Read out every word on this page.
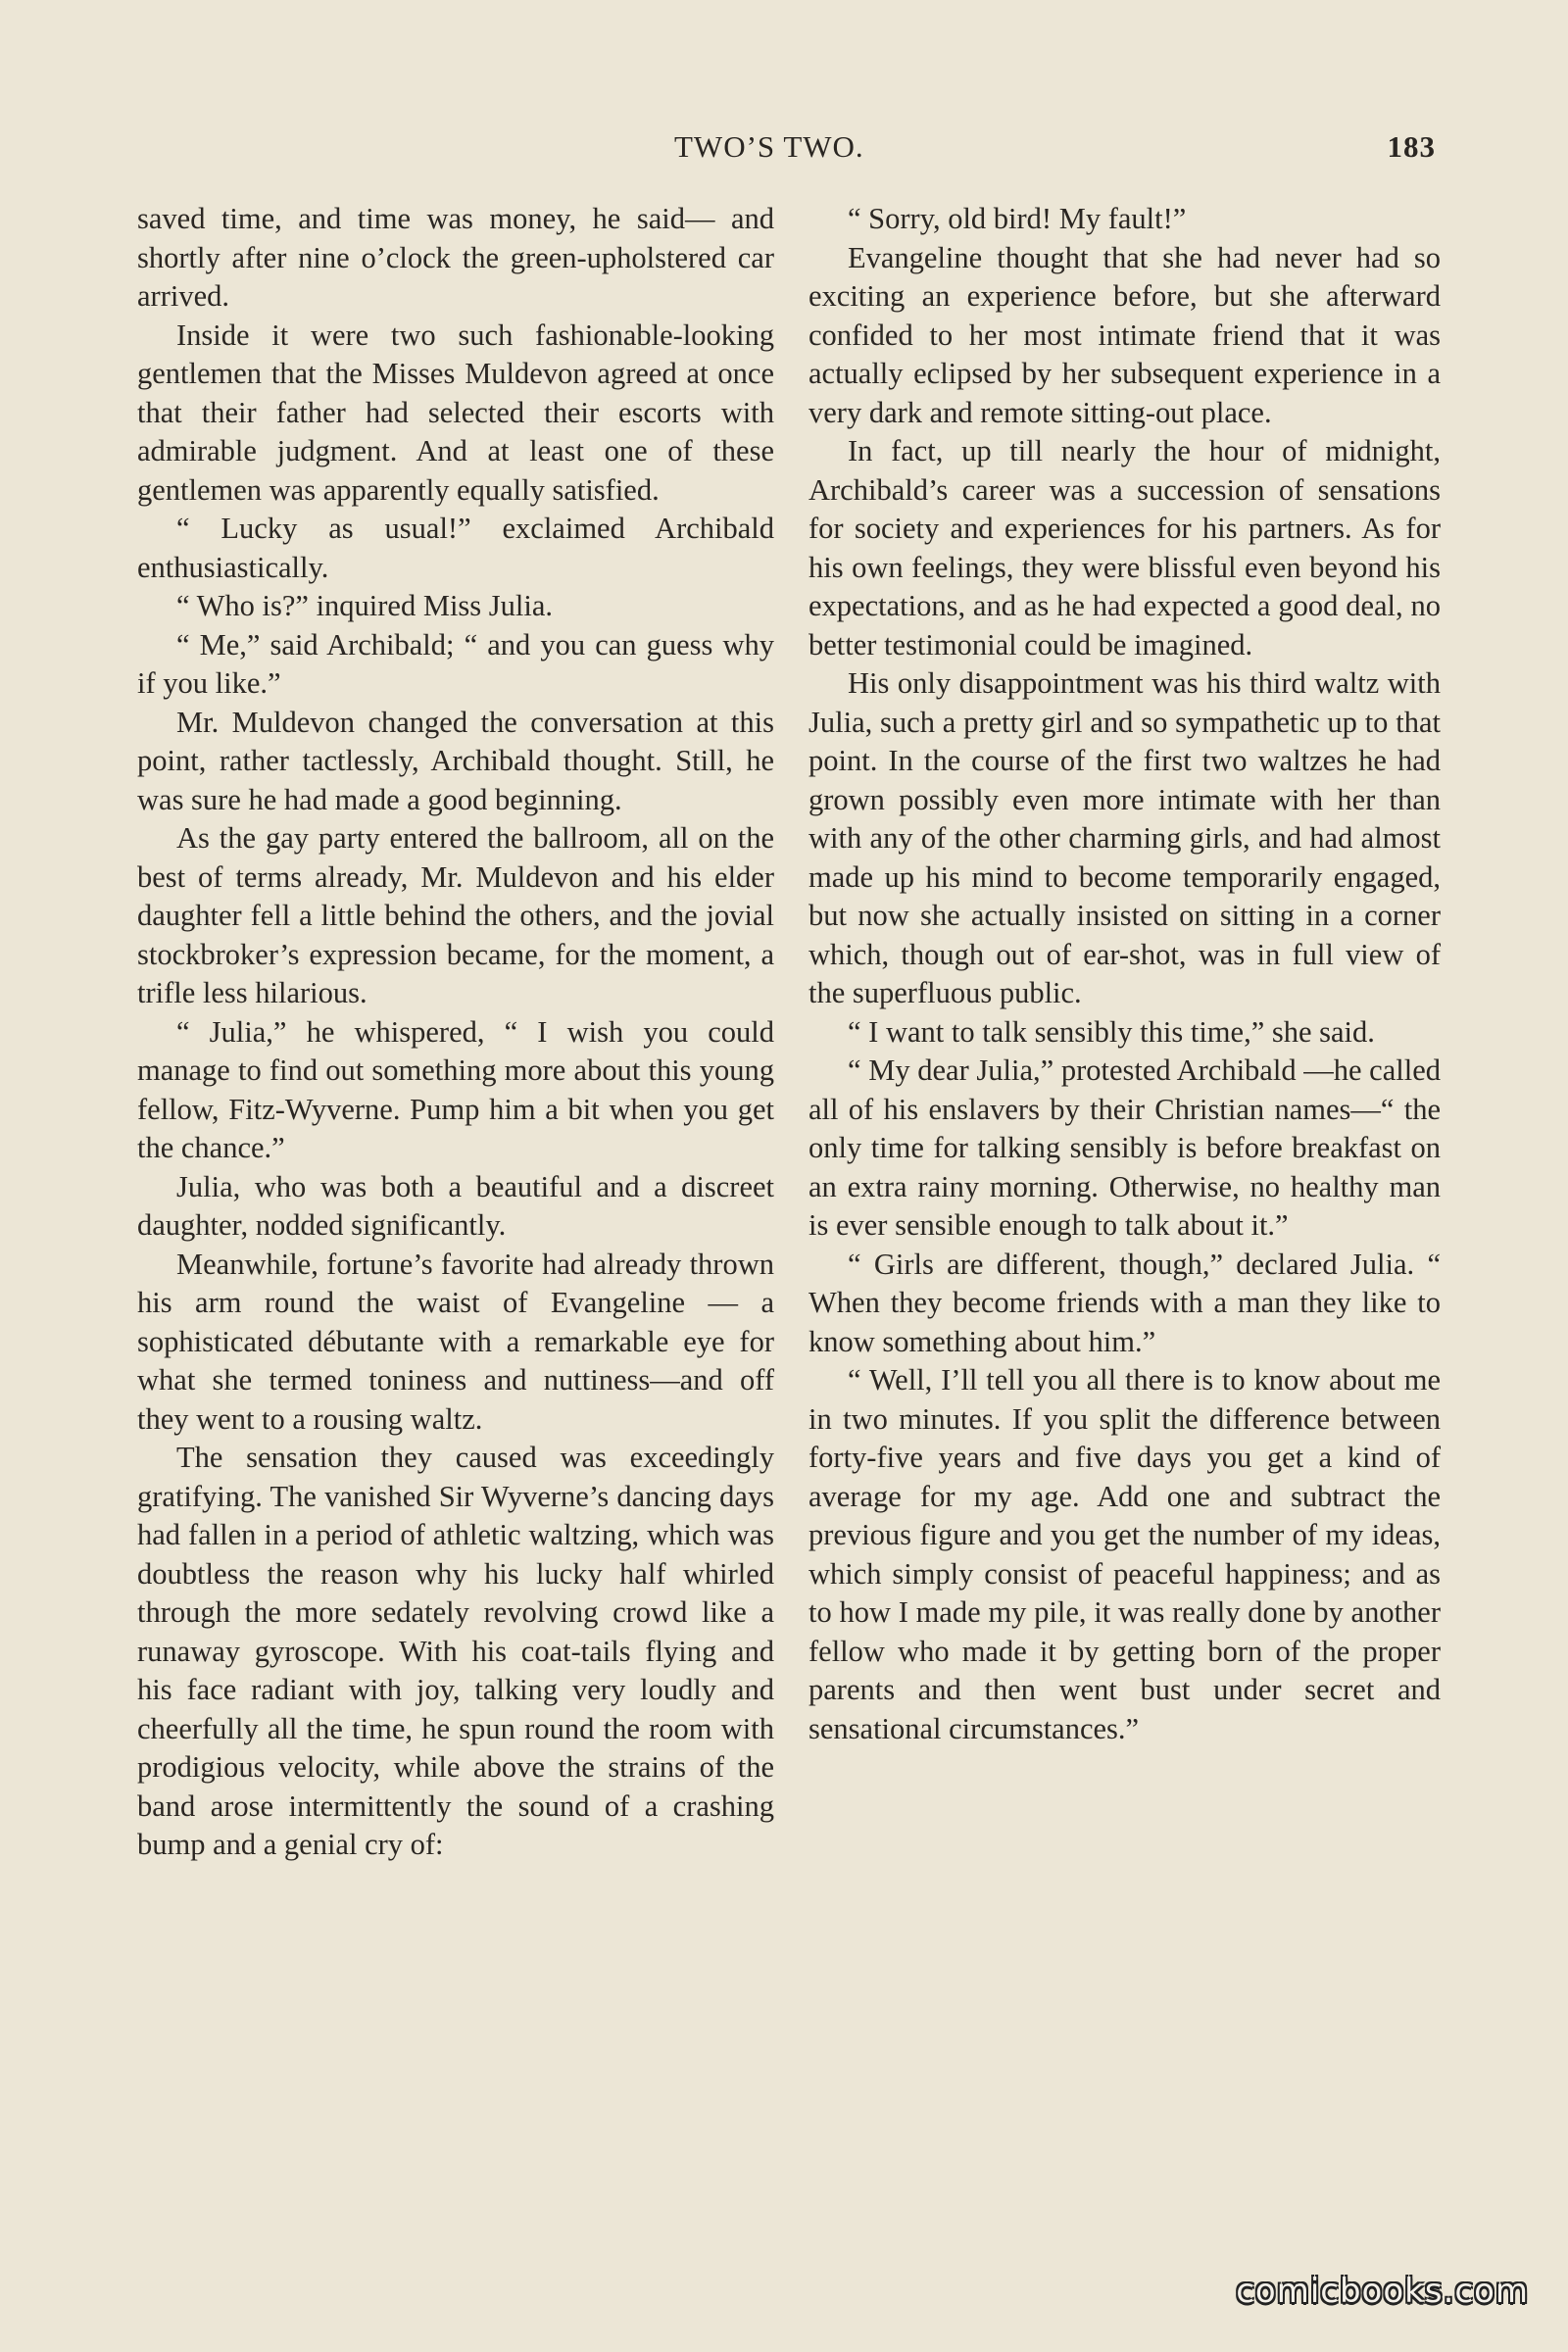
TWO’S TWO.	183

saved time, and time was money, he said— and shortly after nine o’clock the green-upholstered car arrived.

Inside it were two such fashionable-looking gentlemen that the Misses Muldevon agreed at once that their father had selected their escorts with admirable judgment. And at least one of these gentlemen was apparently equally satisfied.

“ Lucky as usual!” exclaimed Archibald enthusiastically.

“ Who is?” inquired Miss Julia.

“ Me,” said Archibald; “ and you can guess why if you like.”

Mr. Muldevon changed the conversation at this point, rather tactlessly, Archibald thought. Still, he was sure he had made a good beginning.

As the gay party entered the ballroom, all on the best of terms already, Mr. Muldevon and his elder daughter fell a little behind the others, and the jovial stockbroker’s expression became, for the moment, a trifle less hilarious.

“ Julia,” he whispered, “ I wish you could manage to find out something more about this young fellow, Fitz-Wyverne. Pump him a bit when you get the chance.”

Julia, who was both a beautiful and a discreet daughter, nodded significantly.

Meanwhile, fortune’s favorite had already thrown his arm round the waist of Evangeline — a sophisticated débutante with a remarkable eye for what she termed toniness and nuttiness—and off they went to a rousing waltz.

The sensation they caused was exceedingly gratifying. The vanished Sir Wyverne’s dancing days had fallen in a period of athletic waltzing, which was doubtless the reason why his lucky half whirled through the more sedately revolving crowd like a runaway gyroscope. With his coat-tails flying and his face radiant with joy, talking very loudly and cheerfully all the time, he spun round the room with prodigious velocity, while above the strains of the band arose intermittently the sound of a crashing bump and a genial cry of:

“ Sorry, old bird! My fault!”

Evangeline thought that she had never had so exciting an experience before, but she afterward confided to her most intimate friend that it was actually eclipsed by her subsequent experience in a very dark and remote sitting-out place.

In fact, up till nearly the hour of midnight, Archibald’s career was a succession of sensations for society and experiences for his partners. As for his own feelings, they were blissful even beyond his expectations, and as he had expected a good deal, no better testimonial could be imagined.

His only disappointment was his third waltz with Julia, such a pretty girl and so sympathetic up to that point. In the course of the first two waltzes he had grown possibly even more intimate with her than with any of the other charming girls, and had almost made up his mind to become temporarily engaged, but now she actually insisted on sitting in a corner which, though out of ear-shot, was in full view of the superfluous public.

“ I want to talk sensibly this time,” she said.

“ My dear Julia,” protested Archibald —he called all of his enslavers by their Christian names—“ the only time for talking sensibly is before breakfast on an extra rainy morning. Otherwise, no healthy man is ever sensible enough to talk about it.”

“ Girls are different, though,” declared Julia. “ When they become friends with a man they like to know something about him.”

“ Well, I’ll tell you all there is to know about me in two minutes. If you split the difference between forty-five years and five days you get a kind of average for my age. Add one and subtract the previous figure and you get the number of my ideas, which simply consist of peaceful happiness; and as to how I made my pile, it was really done by another fellow who made it by getting born of the proper parents and then went bust under secret and sensational circumstances.”

comicbooks.com
